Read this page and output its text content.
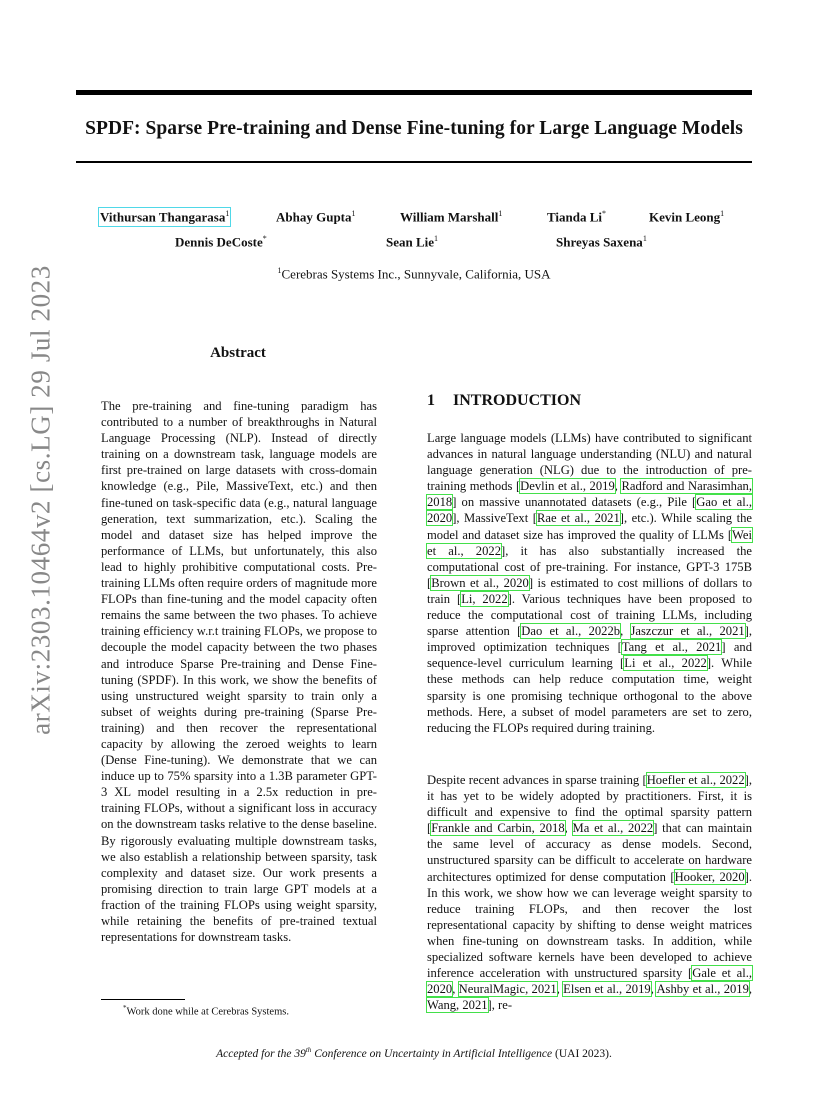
SPDF: Sparse Pre-training and Dense Fine-tuning for Large Language Models
Vithursan Thangarasa$^1$	Abhay Gupta$^1$	William Marshall$^1$	Tianda Li*	Kevin Leong$^1$
Dennis DeCoste*	Sean Lie$^1$	Shreyas Saxena$^1$
$^1$Cerebras Systems Inc., Sunnyvale, California, USA
arXiv:2303.10464v2 [cs.LG] 29 Jul 2023	Abstract

The pre-training and fine-tuning paradigm has contributed to a number of breakthroughs in Natural Language Processing (NLP). Instead of directly training on a downstream task, language models are first pre-trained on large datasets with cross-domain knowledge (e.g., Pile, MassiveText, etc.) and then fine-tuned on task-specific data (e.g., natural language generation, text summarization, etc.). Scaling the model and dataset size has helped improve the performance of LLMs, but unfortunately, this also lead to highly prohibitive computational costs. Pre-training LLMs often require orders of magnitude more FLOPs than fine-tuning and the model capacity often remains the same between the two phases. To achieve training efficiency w.r.t training FLOPs, we propose to decouple the model capacity between the two phases and introduce Sparse Pre-training and Dense Fine-tuning (SPDF). In this work, we show the benefits of using unstructured weight sparsity to train only a subset of weights during pre-training (Sparse Pre-training) and then recover the representational capacity by allowing the zeroed weights to learn (Dense Fine-tuning). We demonstrate that we can induce up to 75% sparsity into a 1.3B parameter GPT-3 XL model resulting in a 2.5x reduction in pre-training FLOPs, without a significant loss in accuracy on the downstream tasks relative to the dense baseline. By rigorously evaluating multiple downstream tasks, we also establish a relationship between sparsity, task complexity and dataset size. Our work presents a promising direction to train large GPT models at a fraction of the training FLOPs using weight sparsity, while retaining the benefits of pre-trained textual representations for downstream tasks.

*Work done while at Cerebras Systems.
1 INTRODUCTION

Large language models (LLMs) have contributed to significant advances in natural language understanding (NLU) and natural language generation (NLG) due to the introduction of pre-training methods [Devlin et al., 2019, Radford and Narasimhan, 2018] on massive unannotated datasets (e.g., Pile [Gao et al., 2020], MassiveText [Rae et al., 2021], etc.). While scaling the model and dataset size has improved the quality of LLMs [Wei et al., 2022], it has also substantially increased the computational cost of pre-training. For instance, GPT-3 175B [Brown et al., 2020] is estimated to cost millions of dollars to train [Li, 2022]. Various techniques have been proposed to reduce the computational cost of training LLMs, including sparse attention [Dao et al., 2022b, Jaszczur et al., 2021], improved optimization techniques [Tang et al., 2021] and sequence-level curriculum learning [Li et al., 2022]. While these methods can help reduce computation time, weight sparsity is one promising technique orthogonal to the above methods. Here, a subset of model parameters are set to zero, reducing the FLOPs required during training.

Despite recent advances in sparse training [Hoefler et al., 2022], it has yet to be widely adopted by practitioners. First, it is difficult and expensive to find the optimal sparsity pattern [Frankle and Carbin, 2018, Ma et al., 2022] that can maintain the same level of accuracy as dense models. Second, unstructured sparsity can be difficult to accelerate on hardware architectures optimized for dense computation [Hooker, 2020]. In this work, we show how we can leverage weight sparsity to reduce training FLOPs, and then recover the lost representational capacity by shifting to dense weight matrices when fine-tuning on downstream tasks. In addition, while specialized software kernels have been developed to achieve inference acceleration with unstructured sparsity [Gale et al., 2020, NeuralMagic, 2021, Elsen et al., 2019, Ashby et al., 2019, Wang, 2021], re-

Accepted for the 39th Conference on Uncertainty in Artificial Intelligence (UAI 2023).
